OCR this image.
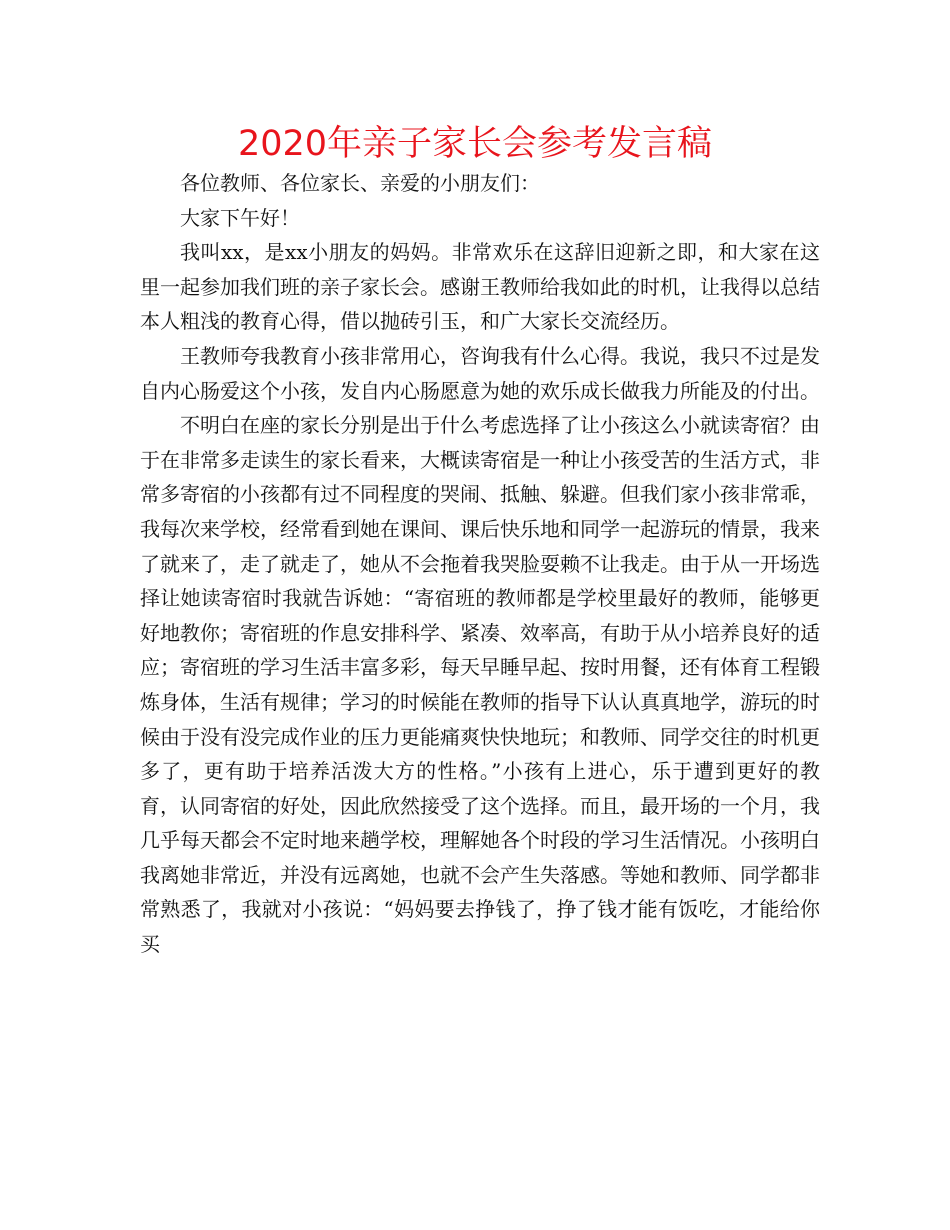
2020年亲子家长会参考发言稿

各位教师、各位家长、亲爱的小朋友们：

大家下午好！

我叫xx，是xx小朋友的妈妈。非常欢乐在这辞旧迎新之即，和大家在这里一起参加我们班的亲子家长会。感谢王教师给我如此的时机，让我得以总结本人粗浅的教育心得，借以抛砖引玉，和广大家长交流经历。

王教师夸我教育小孩非常用心，咨询我有什么心得。我说，我只不过是发自内心肠爱这个小孩，发自内心肠愿意为她的欢乐成长做我力所能及的付出。

不明白在座的家长分别是出于什么考虑选择了让小孩这么小就读寄宿？由于在非常多走读生的家长看来，大概读寄宿是一种让小孩受苦的生活方式，非常多寄宿的小孩都有过不同程度的哭闹、抵触、躲避。但我们家小孩非常乖，我每次来学校，经常看到她在课间、课后快乐地和同学一起游玩的情景，我来了就来了，走了就走了，她从不会拖着我哭脸耍赖不让我走。由于从一开场选择让她读寄宿时我就告诉她：“寄宿班的教师都是学校里最好的教师，能够更好地教你；寄宿班的作息安排科学、紧凑、效率高，有助于从小培养良好的适应；寄宿班的学习生活丰富多彩，每天早睡早起、按时用餐，还有体育工程锻炼身体，生活有规律；学习的时候能在教师的指导下认认真真地学，游玩的时候由于没有没完成作业的压力更能痛爽快快地玩；和教师、同学交往的时机更多了，更有助于培养活泼大方的性格。”小孩有上进心，乐于遭到更好的教育，认同寄宿的好处，因此欣然接受了这个选择。而且，最开场的一个月，我几乎每天都会不定时地来趟学校，理解她各个时段的学习生活情况。小孩明白我离她非常近，并没有远离她，也就不会产生失落感。等她和教师、同学都非常熟悉了，我就对小孩说：“妈妈要去挣钱了，挣了钱才能有饭吃，才能给你买
